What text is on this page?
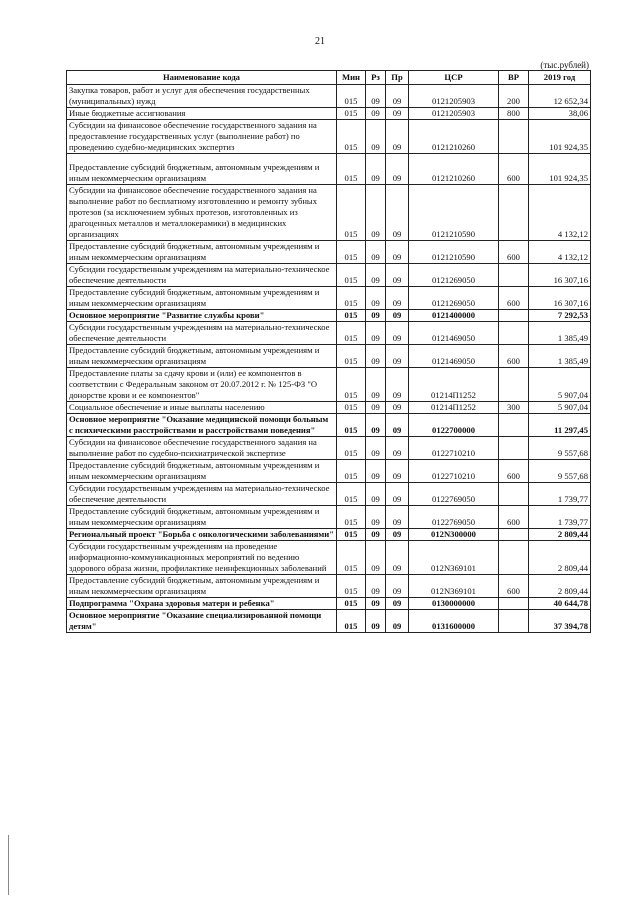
21
(тыс.рублей)
Наименование кода	Мин	Рз	Пр	ЦСР	ВР	2019 год
Закупка товаров, работ и услуг для обеспечения государственных (муниципальных) нужд	015	09	09	0121205903	200	12 652,34
Иные бюджетные ассигнования	015	09	09	0121205903	800	38,06
Субсидии на финансовое обеспечение государственного задания на предоставление государственных услуг (выполнение работ) по проведению судебно-медицинских экспертиз	015	09	09	0121210260		101 924,35
Предоставление субсидий бюджетным, автономным учреждениям и иным некоммерческим организациям	015	09	09	0121210260	600	101 924,35
Субсидии на финансовое обеспечение государственного задания на выполнение работ по бесплатному изготовлению и ремонту зубных протезов (за исключением зубных протезов, изготовленных из драгоценных металлов и металлокерамики) в медицинских организациях	015	09	09	0121210590		4 132,12
Предоставление субсидий бюджетным, автономным учреждениям и иным некоммерческим организациям	015	09	09	0121210590	600	4 132,12
Субсидии государственным учреждениям на материально-техническое обеспечение деятельности	015	09	09	0121269050		16 307,16
Предоставление субсидий бюджетным, автономным учреждениям и иным некоммерческим организациям	015	09	09	0121269050	600	16 307,16
Основное мероприятие "Развитие службы крови"	015	09	09	0121400000		7 292,53
Субсидии государственным учреждениям на материально-техническое обеспечение деятельности	015	09	09	0121469050		1 385,49
Предоставление субсидий бюджетным, автономным учреждениям и иным некоммерческим организациям	015	09	09	0121469050	600	1 385,49
Предоставление платы за сдачу крови и (или) ее компонентов в соответствии с Федеральным законом от 20.07.2012 г. № 125-ФЗ "О донорстве крови и ее компонентов"	015	09	09	01214П1252		5 907,04
Социальное обеспечение и иные выплаты населению	015	09	09	01214П1252	300	5 907,04
Основное мероприятие "Оказание медицинской помощи больным с психическими расстройствами и расстройствами поведения"	015	09	09	0122700000		11 297,45
Субсидии на финансовое обеспечение государственного задания на выполнение работ по судебно-психиатрической экспертизе	015	09	09	0122710210		9 557,68
Предоставление субсидий бюджетным, автономным учреждениям и иным некоммерческим организациям	015	09	09	0122710210	600	9 557,68
Субсидии государственным учреждениям на материально-техническое обеспечение деятельности	015	09	09	0122769050		1 739,77
Предоставление субсидий бюджетным, автономным учреждениям и иным некоммерческим организациям	015	09	09	0122769050	600	1 739,77
Региональный проект "Борьба с онкологическими заболеваниями"	015	09	09	012N300000		2 809,44
Субсидии государственным учреждениям на проведение информационно-коммуникационных мероприятий по ведению здорового образа жизни, профилактике неинфекционных заболеваний	015	09	09	012N369101		2 809,44
Предоставление субсидий бюджетным, автономным учреждениям и иным некоммерческим организациям	015	09	09	012N369101	600	2 809,44
Подпрограмма "Охрана здоровья матери и ребенка"	015	09	09	0130000000		40 644,78
Основное мероприятие "Оказание специализированной помощи детям"	015	09	09	0131600000		37 394,78
